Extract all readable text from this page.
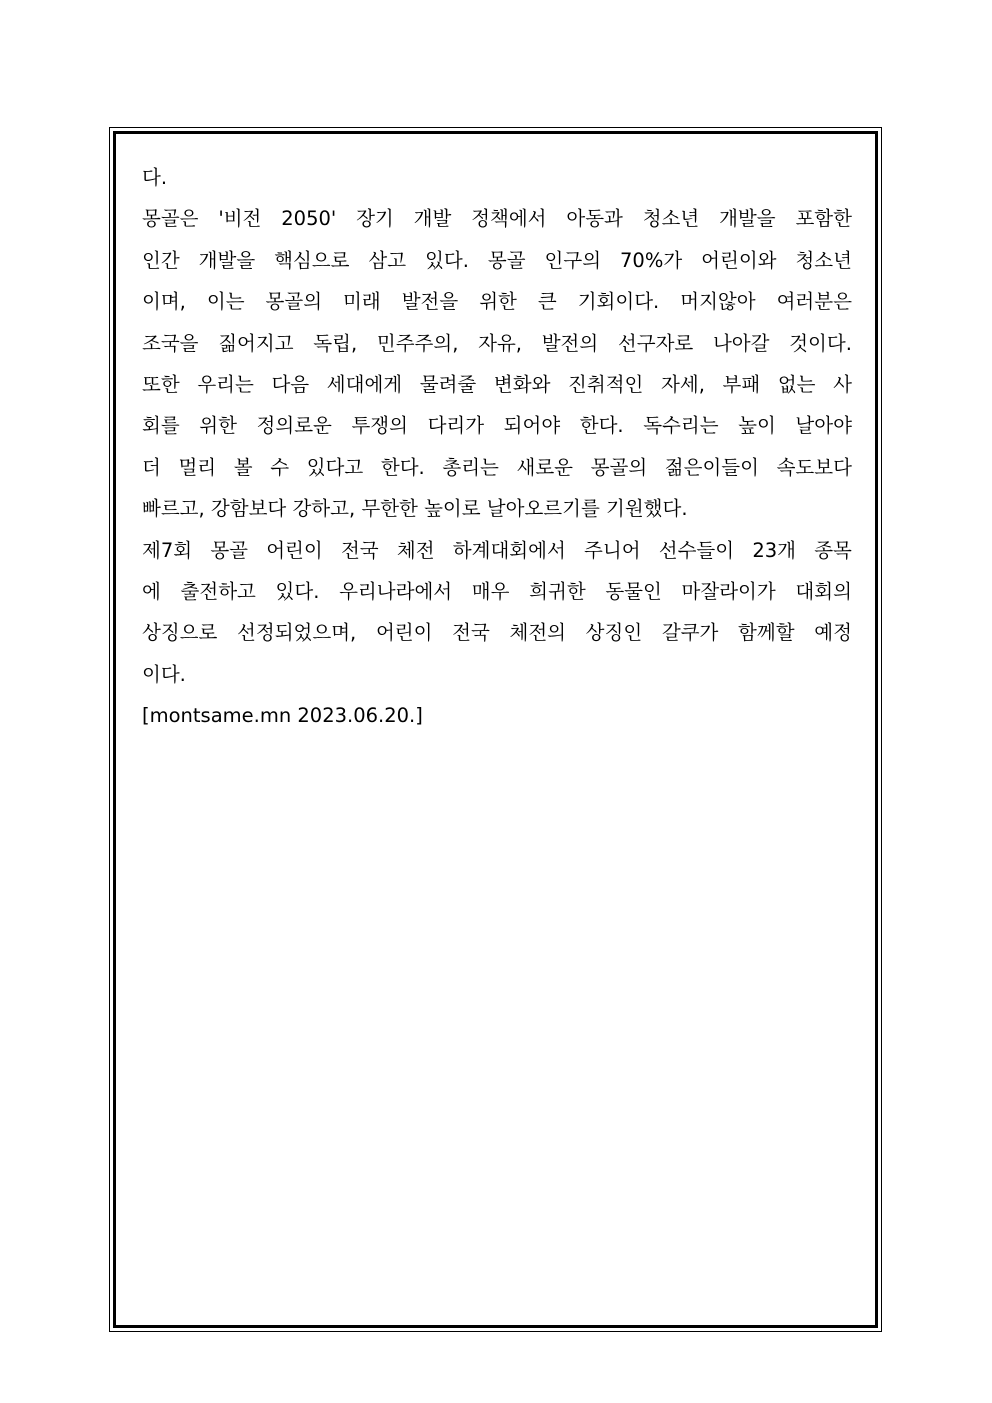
다.
몽골은 '비전 2050' 장기 개발 정책에서 아동과 청소년 개발을 포함한
인간 개발을 핵심으로 삼고 있다. 몽골 인구의 70%가 어린이와 청소년
이며, 이는 몽골의 미래 발전을 위한 큰 기회이다. 머지않아 여러분은
조국을 짊어지고 독립, 민주주의, 자유, 발전의 선구자로 나아갈 것이다.
또한 우리는 다음 세대에게 물려줄 변화와 진취적인 자세, 부패 없는 사
회를 위한 정의로운 투쟁의 다리가 되어야 한다. 독수리는 높이 날아야
더 멀리 볼 수 있다고 한다. 총리는 새로운 몽골의 젊은이들이 속도보다
빠르고, 강함보다 강하고, 무한한 높이로 날아오르기를 기원했다.
제7회 몽골 어린이 전국 체전 하계대회에서 주니어 선수들이 23개 종목
에 출전하고 있다. 우리나라에서 매우 희귀한 동물인 마잘라이가 대회의
상징으로 선정되었으며, 어린이 전국 체전의 상징인 갈쿠가 함께할 예정
이다.
[montsame.mn 2023.06.20.]
